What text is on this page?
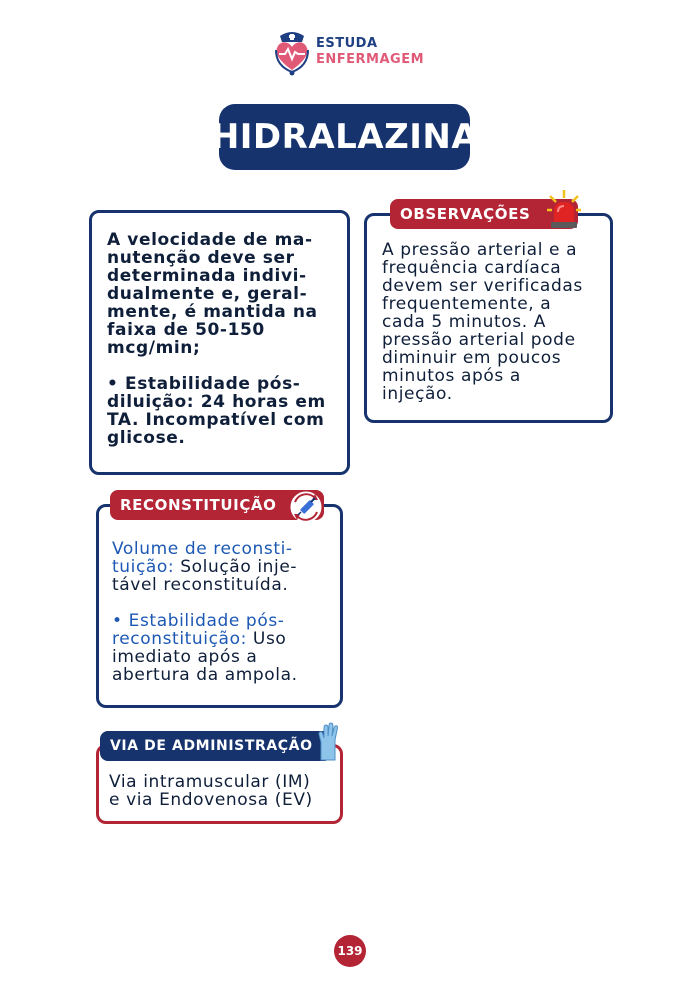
ESTUDA
ENFERMAGEM
HIDRALAZINA

A velocidade de ma-
nutenção deve ser
determinada indivi-
dualmente e, geral-
mente, é mantida na
faixa de 50-150
mcg/min;

• Estabilidade pós-
diluição: 24 horas em
TA. Incompatível com
glicose.

A pressão arterial e a
frequência cardíaca
devem ser verificadas
frequentemente, a
cada 5 minutos. A
pressão arterial pode
diminuir em poucos
minutos após a
injeção.

OBSERVAÇÕES

Volume de reconsti-
tuição: Solução inje-
tável reconstituída.

• Estabilidade pós-
reconstituição: Uso
imediato após a
abertura da ampola.

RECONSTITUIÇÃO

Via intramuscular (IM)
e via Endovenosa (EV)

VIA DE ADMINISTRAÇÃO
139
